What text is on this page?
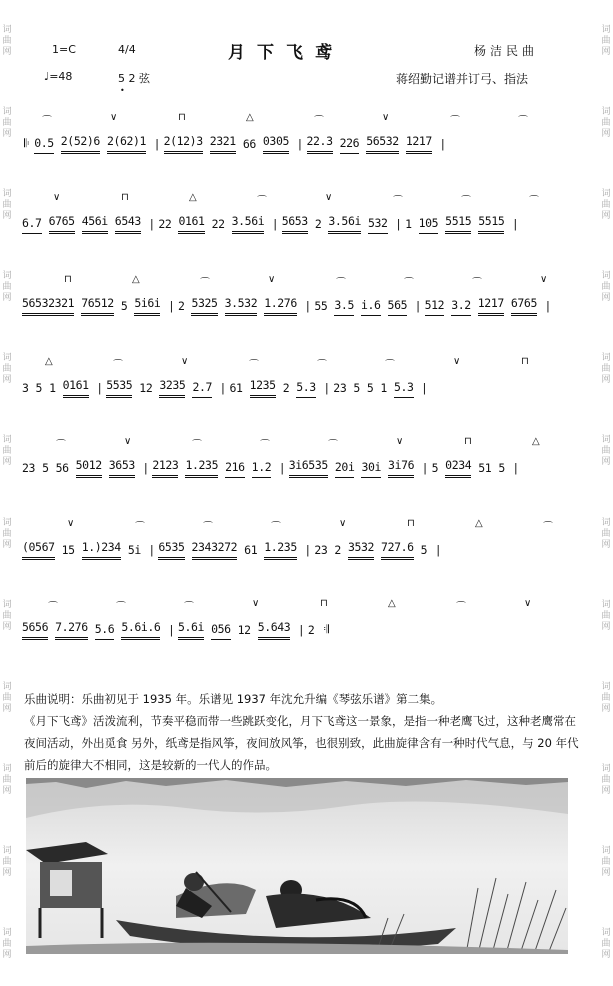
词
曲
网
词
曲
网
词
曲
网
词
曲
网
词
曲
网
词
曲
网
词
曲
网
词
曲
网
词
曲
网
词
曲
网
词
曲
网
词
曲
网
词
曲
网
词
曲
网
词
曲
网
词
曲
网
词
曲
网
词
曲
网
词
曲
网
词
曲
网
词
曲
网
词
曲
网
词
曲
网
词
曲
网
月下飞鸢
1=C	4/4
♩=48	5 2 弦
•
杨洁民曲
蒋绍勤记谱并订弓、指法
⌒	∨	⊓	△	⌒	∨	⌒	⌒
𝄆 0.5 2(52)6 2(62)1 | 2(12)3 2321 66 0305 | 22.3 226 56532 1217 |
∨	⊓	△	⌒	∨	⌒	⌒	⌒
6.7 6765 456i 6543 | 22 0161 22 3.56i | 5653 2 3.56i 532 | 1 105 5515 5515 |
⊓	△	⌒	∨	⌒	⌒	⌒	∨
56532321 76512 5 5i6i | 2 5325 3.532 1.276 | 55 3.5 i.6 565 | 512 3.2 1217 6765 |
△	⌒	∨	⌒	⌒	⌒	∨	⊓
3 5 1 0161 | 5535 12 3235 2.7 | 61 1235 2 5.3 | 23 5 5 1 5.3 |
⌒	∨	⌒	⌒	⌒	∨	⊓	△
23 5 56 5012 3653 | 2123 1.235 216 1.2 | 3i6535 20i 30i 3i76 | 5 0234 51 5 |
∨	⌒	⌒	⌒	∨	⊓	△	⌒
(0567 15 1.)234 5i | 6535 2343272 61 1.235 | 23 2 3532 727.6 5 |
⌒	⌒	⌒	∨	⊓	△	⌒	∨
5656 7.276 5.6 5.6i.6 | 5.6i 056 12 5.643 | 2 𝄇

乐曲说明：乐曲初见于 1935 年。乐谱见 1937 年沈允升编《琴弦乐谱》第二集。

《月下飞鸢》活泼流利，节奏平稳而带一些跳跃变化，月下飞鸢这一景象，是指一种老鹰飞过，这种老鹰常在夜间活动，外出觅食 另外，纸鸢是指风筝，夜间放风筝，也很别致，此曲旋律含有一种时代气息，与 20 年代前后的旋律大不相同，这是较新的一代人的作品。
